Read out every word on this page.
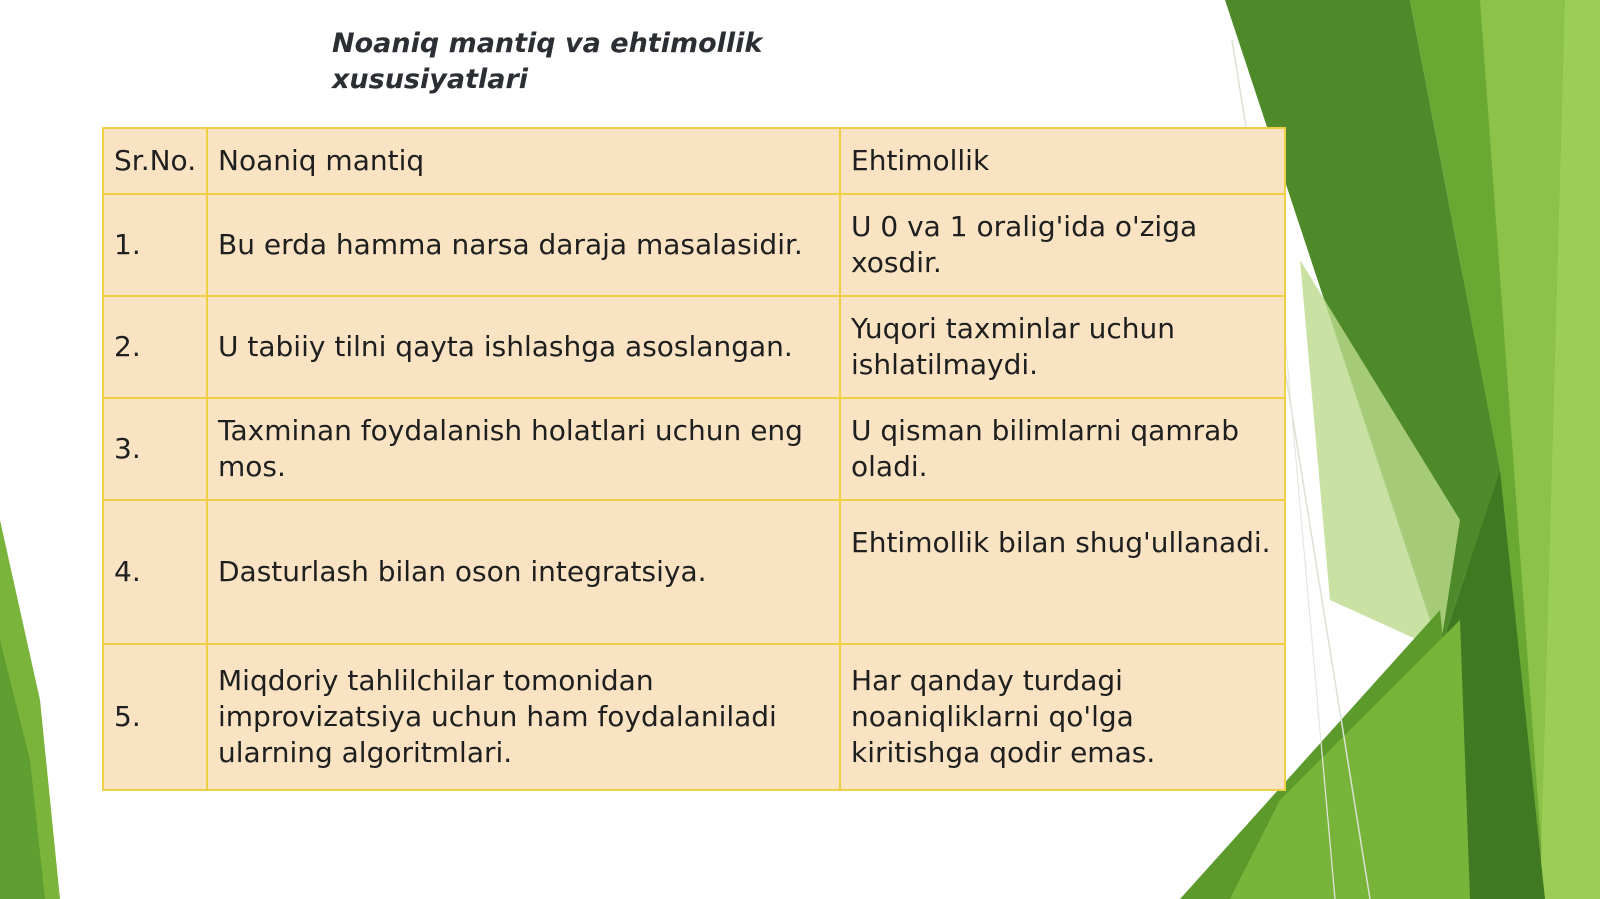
Noaniq mantiq va ehtimollik
xususiyatlari
Sr.No.	Noaniq mantiq	Ehtimollik
1.	Bu erda hamma narsa daraja masalasidir.	U 0 va 1 oralig'ida o'ziga
xosdir.
2.	U tabiiy tilni qayta ishlashga asoslangan.	Yuqori taxminlar uchun
ishlatilmaydi.
3.	Taxminan foydalanish holatlari uchun eng
mos.	U qisman bilimlarni qamrab
oladi.
4.	Dasturlash bilan oson integratsiya.	Ehtimollik bilan shug'ullanadi.
5.	Miqdoriy tahlilchilar tomonidan
improvizatsiya uchun ham foydalaniladi
ularning algoritmlari.	Har qanday turdagi
noaniqliklarni qo'lga
kiritishga qodir emas.
